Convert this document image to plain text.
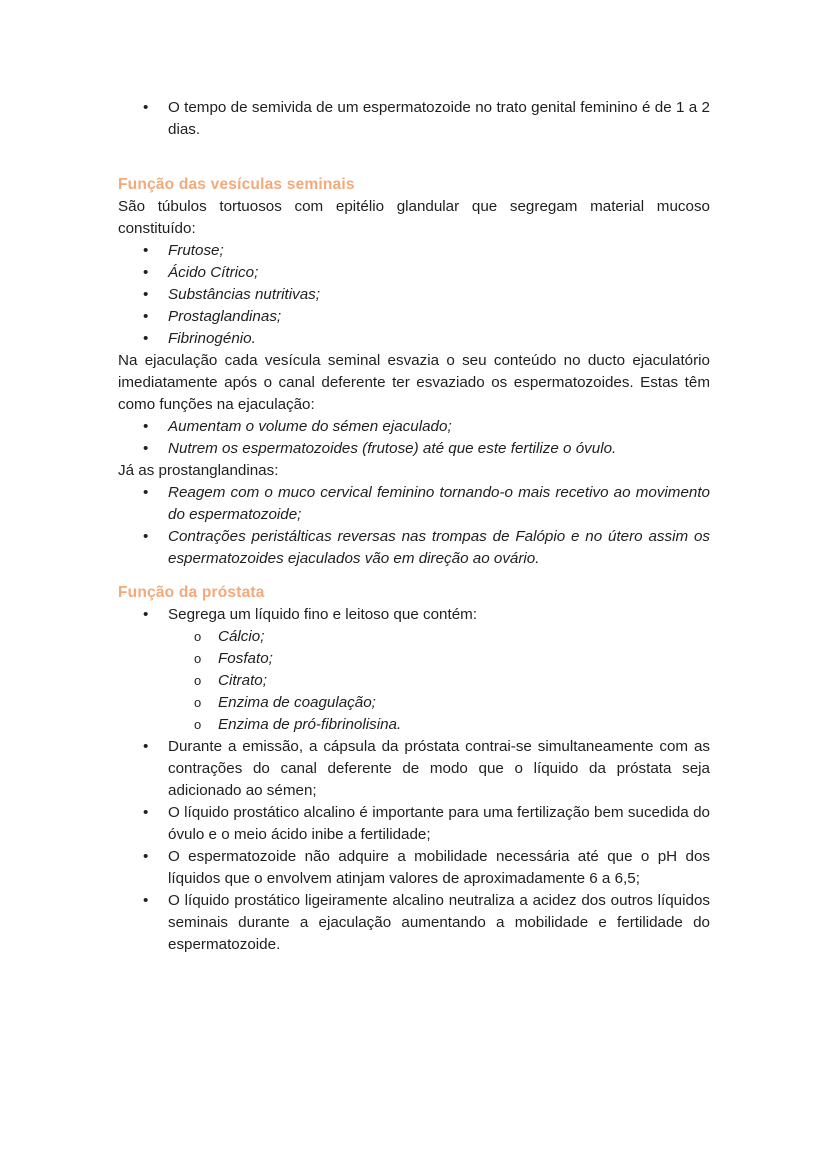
• O tempo de semivida de um espermatozoide no trato genital feminino é de 1 a 2 dias.
Função das vesículas seminais

São túbulos tortuosos com epitélio glandular que segregam material mucoso constituído:

• Frutose;
• Ácido Cítrico;
• Substâncias nutritivas;
• Prostaglandinas;
• Fibrinogénio.

Na ejaculação cada vesícula seminal esvazia o seu conteúdo no ducto ejaculatório imediatamente após o canal deferente ter esvaziado os espermatozoides. Estas têm como funções na ejaculação:

• Aumentam o volume do sémen ejaculado;
• Nutrem os espermatozoides (frutose) até que este fertilize o óvulo.

Já as prostanglandinas:

• Reagem com o muco cervical feminino tornando-o mais recetivo ao movimento do espermatozoide;
• Contrações peristálticas reversas nas trompas de Falópio e no útero assim os espermatozoides ejaculados vão em direção ao ovário.
Função da próstata
• Segrega um líquido fino e leitoso que contém:
o Cálcio;
o Fosfato;
o Citrato;
o Enzima de coagulação;
o Enzima de pró-fibrinolisina.
• Durante a emissão, a cápsula da próstata contrai-se simultaneamente com as contrações do canal deferente de modo que o líquido da próstata seja adicionado ao sémen;
• O líquido prostático alcalino é importante para uma fertilização bem sucedida do óvulo e o meio ácido inibe a fertilidade;
• O espermatozoide não adquire a mobilidade necessária até que o pH dos líquidos que o envolvem atinjam valores de aproximadamente 6 a 6,5;
• O líquido prostático ligeiramente alcalino neutraliza a acidez dos outros líquidos seminais durante a ejaculação aumentando a mobilidade e fertilidade do espermatozoide.
